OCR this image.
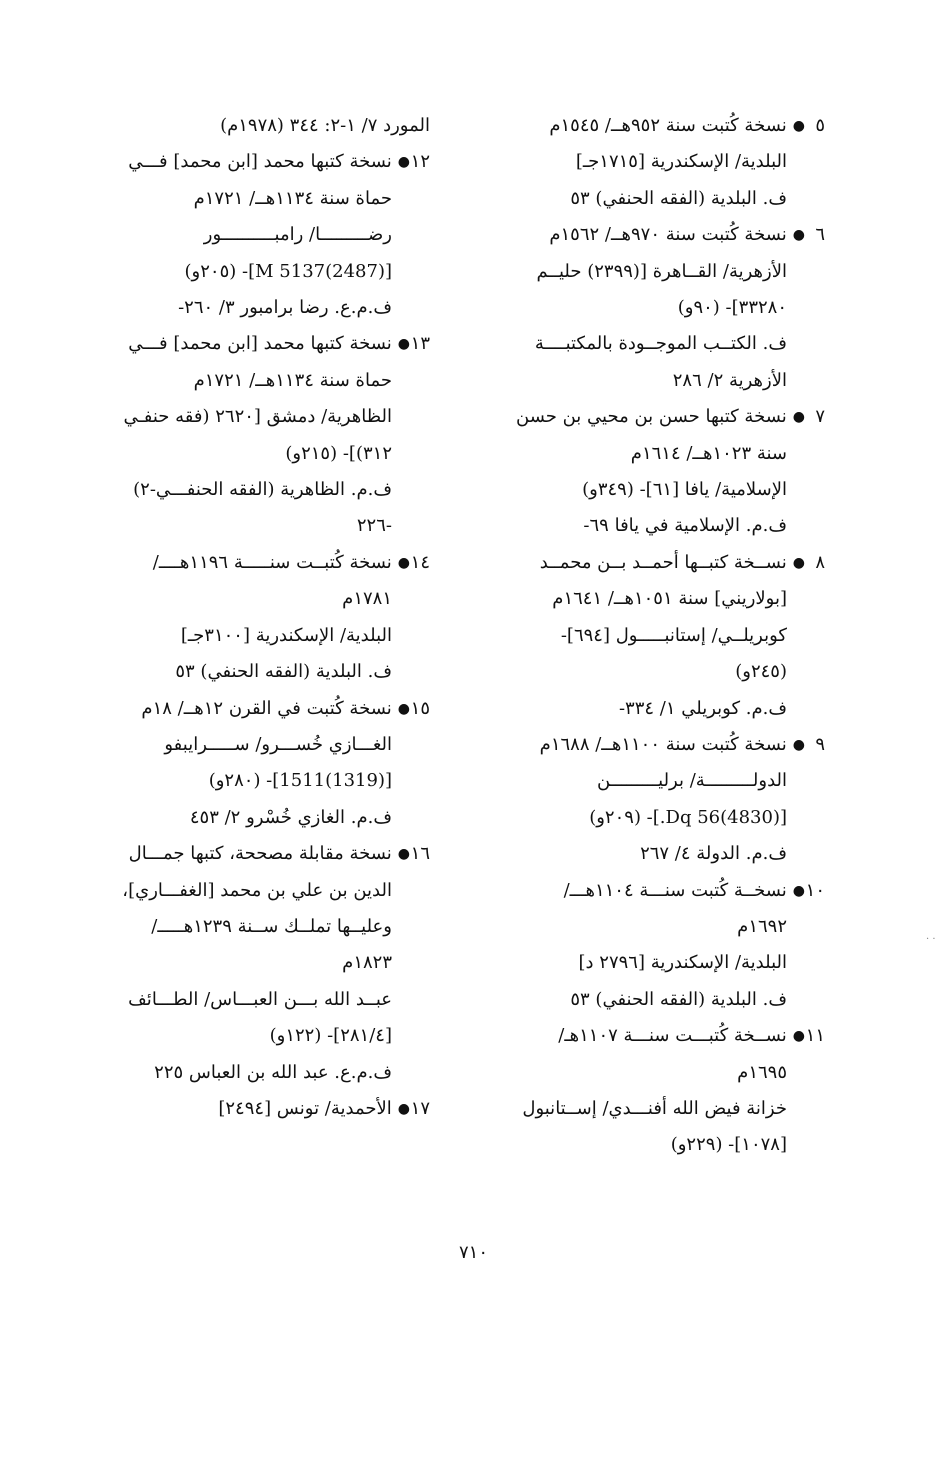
٥●نسخة كُتبت سنة ٩٥٢هــ/ ١٥٤٥م
البلدية/ الإسكندرية [١٧١٥جـ]
ف. البلدية (الفقه الحنفي) ٥٣
٦●نسخة كُتبت سنة ٩٧٠هــ/ ١٥٦٢م
الأزهرية/ القــاهرة [(٢٣٩٩) حليــم
٣٣٢٨٠]- (٩٠و)
ف. الكتــب الموجــودة بالمكتبــــة
الأزهرية ٢/ ٢٨٦
٧●نسخة كتبها حسن بن محيي بن حسن
سنة ١٠٢٣هــ/ ١٦١٤م
الإسلامية/ يافا [٦١]- (٣٤٩و)
ف.م. الإسلامية في يافا ٦٩-
٨●نســخة كتبــها أحمــد بــن محمــد
[بولاريني] سنة ١٠٥١هــ/ ١٦٤١م
كوبريلــي/ إستانبـــــول [٦٩٤]-
(٢٤٥و)
ف.م. كوبريلي ١/ ٣٣٤-
٩●نسخة كُتبت سنة ١١٠٠هــ/ ١٦٨٨م
الدولـــــــــة/ برليـــــــــن
[(4830)Dq 56.]- (٢٠٩و)
ف.م. الدولة ٤/ ٢٦٧
١٠●نسخــة كُتبت سنـــة ١١٠٤هـــ/
١٦٩٢م
البلدية/ الإسكندرية [٢٧٩٦ د]
ف. البلدية (الفقه الحنفي) ٥٣
١١●نســخة كُتبـــت سنـــة ١١٠٧هـ/
١٦٩٥م
خزانة فيض الله أفنـــدي/ إســتانبول
[١٠٧٨]- (٢٢٩و)
المورد ٧/ ١-٢: ٣٤٤ (١٩٧٨م)
١٢●نسخة كتبها محمد [ابن محمد] فـــي
حماة سنة ١١٣٤هــ/ ١٧٢١م
رضـــــــــا/ رامبــــــــــور
[(2487)5137 M]- (٢٠٥و)
ف.م.ع. رضا برامبور ٣/ ٢٦٠-
١٣●نسخة كتبها محمد [ابن محمد] فـــي
حماة سنة ١١٣٤هــ/ ١٧٢١م
الظاهرية/ دمشق [٢٦٢٠ (فقه حنفـي
٣١٢)]- (٢١٥و)
ف.م. الظاهرية (الفقه الحنفـــي-٢)
-٢٢٦
١٤●نسخة كُتبــت سنـــــة ١١٩٦هــــ/
١٧٨١م
البلدية/ الإسكندرية [٣١٠٠جـ]
ف. البلدية (الفقه الحنفي) ٥٣
١٥●نسخة كُتبت في القرن ١٢هــ/ ١٨م
الغـــازي خُســـرو/ ســـــرايبفو
[(1319)1511]- (٢٨٠و)
ف.م. الغازي خُسْرو ٢/ ٤٥٣
١٦●نسخة مقابلة مصححة، كتبها جمـــال
الدين بن علي بن محمد [الغفـــاري]،
وعليــها تملــك ســنة ١٢٣٩هـــــ/
١٨٢٣م
عبــد الله بـــن العبـــاس/ الطـــائف
[٢٨١/٤]- (١٢٢و)
ف.م.ع. عبد الله بن العباس ٢٢٥
١٧●الأحمدية/ تونس [٢٤٩٤]
٧١٠
· ·
